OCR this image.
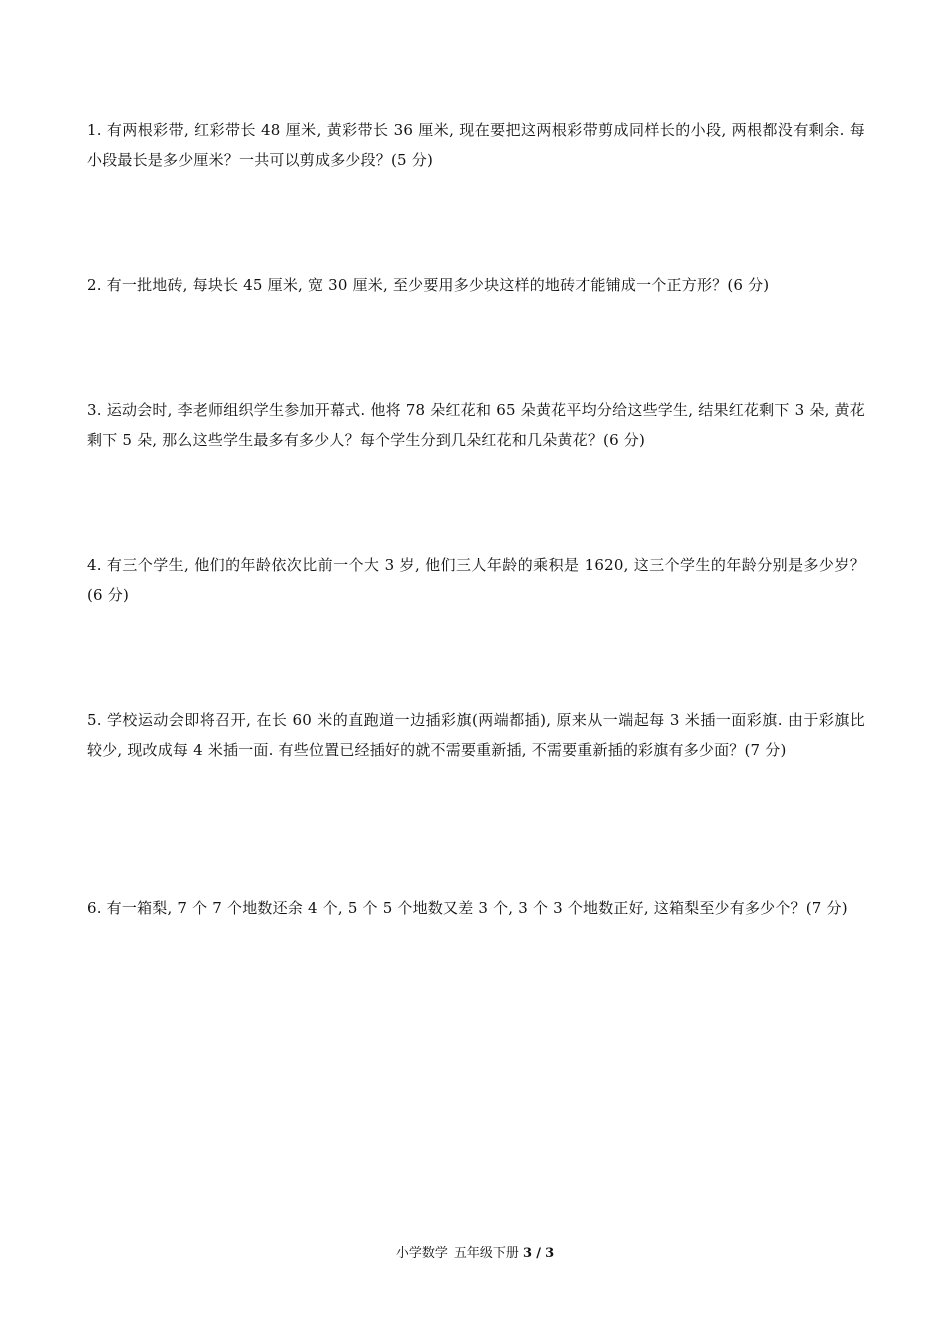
1. 有两根彩带, 红彩带长 48 厘米, 黄彩带长 36 厘米, 现在要把这两根彩带剪成同样长的小段, 两根都没有剩余. 每小段最长是多少厘米？一共可以剪成多少段？(5 分)
2. 有一批地砖, 每块长 45 厘米, 宽 30 厘米, 至少要用多少块这样的地砖才能铺成一个正方形？(6 分)
3. 运动会时, 李老师组织学生参加开幕式. 他将 78 朵红花和 65 朵黄花平均分给这些学生, 结果红花剩下 3 朵, 黄花剩下 5 朵, 那么这些学生最多有多少人？每个学生分到几朵红花和几朵黄花？(6 分)
4. 有三个学生, 他们的年龄依次比前一个大 3 岁, 他们三人年龄的乘积是 1620, 这三个学生的年龄分别是多少岁？(6 分)
5. 学校运动会即将召开, 在长 60 米的直跑道一边插彩旗(两端都插), 原来从一端起每 3 米插一面彩旗. 由于彩旗比较少, 现改成每 4 米插一面. 有些位置已经插好的就不需要重新插, 不需要重新插的彩旗有多少面？(7 分)
6. 有一箱梨, 7 个 7 个地数还余 4 个, 5 个 5 个地数又差 3 个, 3 个 3 个地数正好, 这箱梨至少有多少个？(7 分)
小学数学 五年级下册 3 / 3
